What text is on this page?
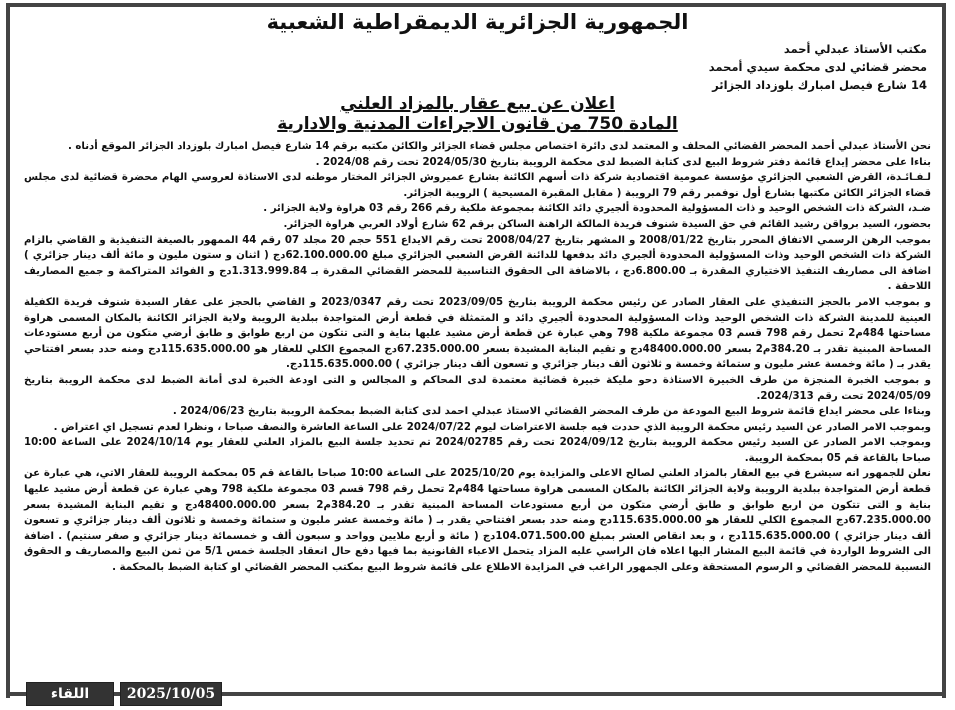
الجمهورية الجزائرية الديمقراطية الشعبية
مكتب الأستاذ عبدلي أحمد
محضر قضائي لدى محكمة سيدي أمحمد
14 شارع فيصل امبارك بلوزداد الجزائر
اعلان عن بيع عقار بالمزاد العلني
المادة 750 من قانون الاجراءات المدنية والادارية

نحن الأستاذ عبدلي أحمد المحضر القضائي المحلف و المعتمد لدى دائرة اختصاص مجلس قضاء الجزائر والكائن مكتبه برقم 14 شارع فيصل امبارك بلوزداد الجزائر الموقع أدناه .

بناءا على محضر إيداع قائمة دفتر شروط البيع لدى كتابة الضبط لدى محكمة الرويبة بتاريخ 2024/05/30 تحت رقم 2024/08 .

لـفـائـدة، القرض الشعبي الجزائري مؤسسة عمومية اقتصادية شركة ذات أسهم الكائنة بشارع عميروش الجزائر المختار موطنه لدى الاستاذة لعروسي الهام محضرة قضائية لدى مجلس قضاء الجزائر الكائن مكتبها بشارع أول نوفمبر رقم 79 الرويبة ( مقابل المقبرة المسيحية ) الرويبة الجزائر.

ضـد، الشركة ذات الشخص الوحيد و ذات المسؤولية المحدودة ألجيري دائد الكائنة بمجموعة ملكية رقم 266 رقم 03 هراوة ولاية الجزائر .

بحضور، السيد برواقن رشيد القائم في حق السيدة شنوف فريدة المالكة الراهنة الساكن برقم 62 شارع أولاد العربي هراوة الجزائر.

بموجب الرهن الرسمي الاتفاق المحرر بتاريخ 2008/01/22 و المشهر بتاريخ 2008/04/27 تحت رقم الايداع 551 حجم 20 مجلد 07 رقم 44 الممهور بالصيغة التنفيذية و القاضي بالزام الشركة ذات الشخص الوحيد وذات المسؤولية المحدودة ألجيري دائد بدفعها للدائنة القرض الشعبي الجزائري مبلغ 62.100.000.00دج ( اثنان و ستون مليون و مائة ألف دينار جزائري ) اضافة الى مصاريف التنفيذ الاختياري المقدرة بـ 6.800.00دج ، بالاضافة الى الحقوق التناسبية للمحضر القضائي المقدرة بـ 1.313.999.84دج و الفوائد المتراكمة و جميع المصاريف اللاحقة .

و بموجب الامر بالحجز التنفيذي على العقار الصادر عن رئيس محكمة الرويبة بتاريخ 2023/09/05 تحت رقم 2023/0347 و القاضي بالحجز على عقار السيدة شنوف فريدة الكفيلة العينية للمدينة الشركة ذات الشخص الوحيد وذات المسؤولية المحدودة ألجيري دائد و المتمثلة في قطعة أرض المتواجدة ببلدية الرويبة ولاية الجزائر الكائنة بالمكان المسمى هراوة مساحتها 484م2 تحمل رقم 798 قسم 03 مجموعة ملكية 798 وهي عبارة عن قطعة أرض مشيد عليها بناية و التى تتكون من اربع طوابق و طابق أرضي متكون من أربع مستودعات المساحة المبنية تقدر بـ 384.20م2 بسعر 48400.000.00دج و تقيم البناية المشيدة بسعر 67.235.000.00دج المجموع الكلي للعقار هو 115.635.000.00دج ومنه حدد بسعر افتتاحي يقدر بـ ( مائة وخمسة عشر مليون و ستمائة وخمسة و ثلاثون ألف دينار جزائري و تسعون ألف دينار جزائري ) 115.635.000.00دج.

و بموجب الخبرة المنجزة من طرف الخبيرة الاستاذة دحو مليكة خبيرة قضائية معتمدة لدى المحاكم و المجالس و التى اودعة الخبرة لدى أمانة الضبط لدى محكمة الرويبة بتاريخ 2024/05/09 تحت رقم 2024/313.

وبناءا على محضر ايداع قائمة شروط البيع المودعة من طرف المحضر القضائي الاستاذ عبدلي احمد لدى كتابة الضبط بمحكمة الرويبة بتاريخ 2024/06/23 .

وبموجب الامر الصادر عن السيد رئيس محكمة الرويبة الذي حددت فيه جلسة الاعتراضات ليوم 2024/07/22 على الساعة العاشرة والنصف صباحا ، ونظرا لعدم تسجيل اي اعتراض .

وبموجب الامر الصادر عن السيد رئيس محكمة الرويبة بتاريخ 2024/09/12 تحت رقم 2024/02785 تم تحديد جلسة البيع بالمزاد العلني للعقار يوم 2024/10/14 على الساعة 10:00 صباحا بالقاعة قم 05 بمحكمة الرويبة.

نعلن للجمهور انه سيشرع في بيع العقار بالمزاد العلني لصالح الاعلى والمزايدة يوم 2025/10/20 على الساعة 10:00 صباحا بالقاعة قم 05 بمحكمة الرويبة للعقار الاتي، هي عبارة عن قطعة أرض المتواجدة ببلدية الرويبة ولاية الجزائر الكائنة بالمكان المسمى هراوة مساحتها 484م2 تحمل رقم 798 قسم 03 مجموعة ملكية 798 وهي عبارة عن قطعة أرض مشيد عليها بناية و التى تتكون من اربع طوابق و طابق أرضي متكون من أربع مستودعات المساحة المبنية تقدر بـ 384.20م2 بسعر 48400.000.00دج و تقيم البناية المشيدة بسعر 67.235.000.00دج المجموع الكلي للعقار هو 115.635.000.00دج ومنه حدد بسعر افتتاحي يقدر بـ ( مائة وخمسة عشر مليون و ستمائة وخمسة و ثلاثون ألف دينار جزائري و تسعون ألف دينار جزائري ) 115.635.000.00دج ، و بعد انقاص العشر بمبلغ 104.071.500.00دج ( مائة و أربع ملايين وواحد و سبعون ألف و خمسمائة دينار جزائري و صفر سنتيم) . اضافة الى الشروط الواردة في قائمة البيع المشار اليها اعلاه فان الراسي عليه المزاد يتحمل الاعباء القانونية بما فيها دفع حال انعقاد الجلسة خمس 5/1 من ثمن البيع والمصاريف و الحقوق النسبية للمحضر القضائي و الرسوم المستحقة وعلى الجمهور الراغب في المزايدة الاطلاع على قائمة شروط البيع بمكتب المحضر القضائي او كتابة الضبط بالمحكمة .

اللقاء	2025/10/05
